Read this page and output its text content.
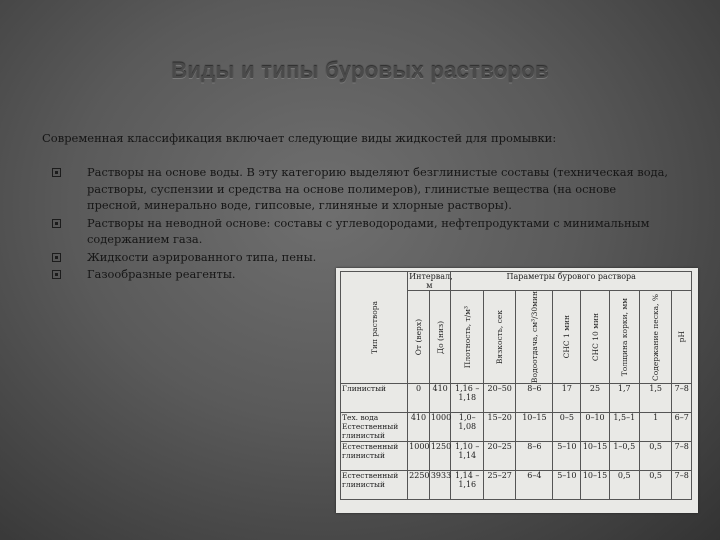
Виды и типы буровых растворов
Современная классификация включает следующие виды жидкостей для промывки:
Растворы на основе воды. В эту категорию выделяют безглинистые составы (техническая вода, растворы, суспензии и средства на основе полимеров), глинистые вещества (на основе пресной, минерально воде, гипсовые, глиняные и хлорные растворы).
Растворы на неводной основе: составы с углеводородами, нефтепродуктами с минимальным содержанием газа.
Жидкости аэрированного типа, пены.
Газообразные реагенты.
Тип раствора	Интервал, м		Параметры бурового раствора							

	От (верх)	До (низ)	Плотность, т/м³	Вязкость, сек	Водоотдача, см³/30мин	СНС 1 мин	СНС 10 мин	Толщина корки, мм	Содержание песка, %	pH

Глинистый	0	410	1,16 – 1,18	20–50	8–6	17	25	1,7	1,5	7–8
Тех. вода Естественный глинистый	410	1000	1,0–1,08	15–20	10–15	0–5	0–10	1,5–1	1	6–7
Естественный глинистый	1000	1250	1,10 – 1,14	20–25	8–6	5–10	10–15	1–0,5	0,5	7–8
Естественный глинистый	2250	3933	1,14 – 1,16	25–27	6–4	5–10	10–15	0,5	0,5	7–8
